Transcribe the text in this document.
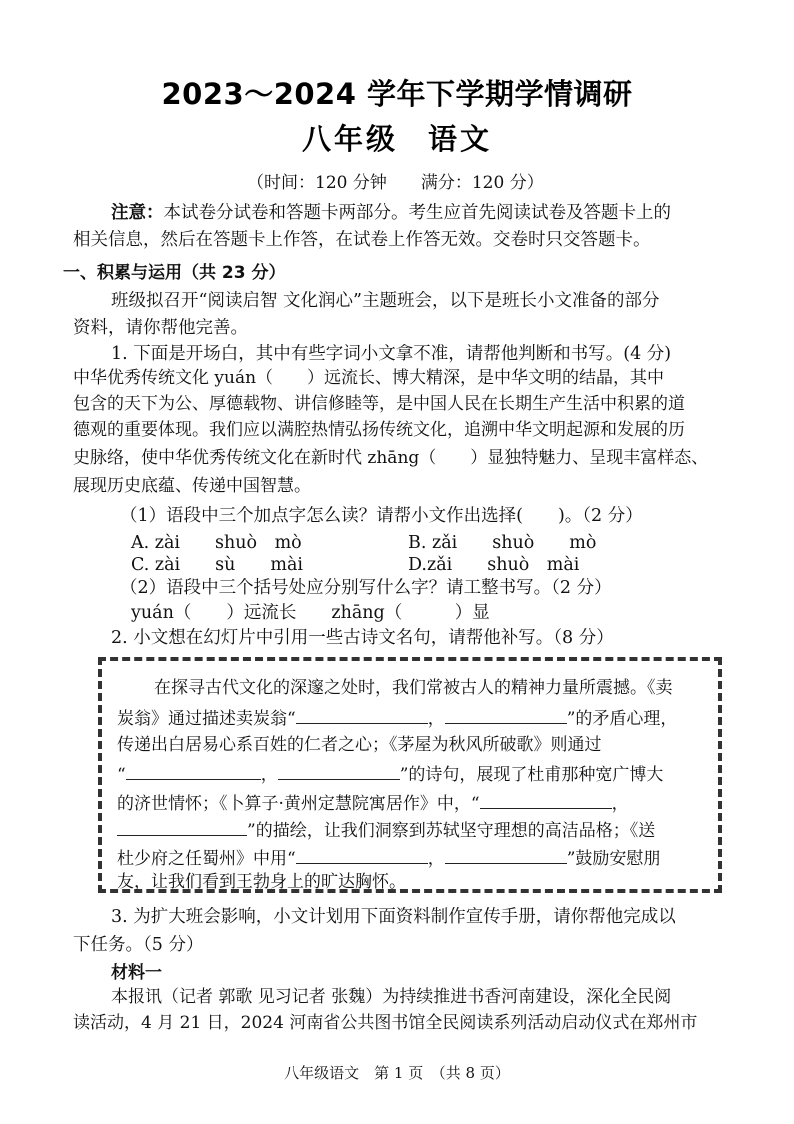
2023～2024 学年下学期学情调研
八年级 语文
（时间：120 分钟　　满分：120 分）
注意：本试卷分试卷和答题卡两部分。考生应首先阅读试卷及答题卡上的
相关信息，然后在答题卡上作答，在试卷上作答无效。交卷时只交答题卡。
一、积累与运用（共 23 分）
班级拟召开“阅读启智 文化润心”主题班会，以下是班长小文准备的部分
资料，请你帮他完善。
1. 下面是开场白，其中有些字词小文拿不准，请帮他判断和书写。(4 分)
中华优秀传统文化 yuán（　　）远流长、博大精深，是中华文明的结晶，其中
包含的天下为公、厚德载物、讲信修睦等，是中国人民在长期生产生活中积累的道
德观的重要体现。我们应以满腔热情弘扬传统文化，追溯中华文明起源和发展的历
史脉络，使中华优秀传统文化在新时代 zhāng（　　）显独特魅力、呈现丰富样态、
展现历史底蕴、传递中国智慧。
（1）语段中三个加点字怎么读？请帮小文作出选择(　　)。（2 分）
A. zài　　shuò　mò	B. zǎi　　shuò　　mò
C. zài　　sù　　mài	D.zǎi　　shuò　mài
（2）语段中三个括号处应分别写什么字？请工整书写。（2 分）
yuán（　　）远流长　　zhāng（　　　）显
2. 小文想在幻灯片中引用一些古诗文名句，请帮他补写。（8 分）
在探寻古代文化的深邃之处时，我们常被古人的精神力量所震撼。《卖
炭翁》通过描述卖炭翁“	，	”的矛盾心理，
传递出白居易心系百姓的仁者之心；《茅屋为秋风所破歌》则通过
“	，	”的诗句，展现了杜甫那种宽广博大
的济世情怀；《卜算子·黄州定慧院寓居作》中，“	，
”的描绘，让我们洞察到苏轼坚守理想的高洁品格；《送
杜少府之任蜀州》中用“	，	”鼓励安慰朋
友，让我们看到王勃身上的旷达胸怀。
3. 为扩大班会影响，小文计划用下面资料制作宣传手册，请你帮他完成以
下任务。（5 分）
材料一
本报讯（记者 郭歌 见习记者 张魏）为持续推进书香河南建设，深化全民阅
读活动，4 月 21 日，2024 河南省公共图书馆全民阅读系列活动启动仪式在郑州市
八年级语文　第 1 页　（共 8 页）
